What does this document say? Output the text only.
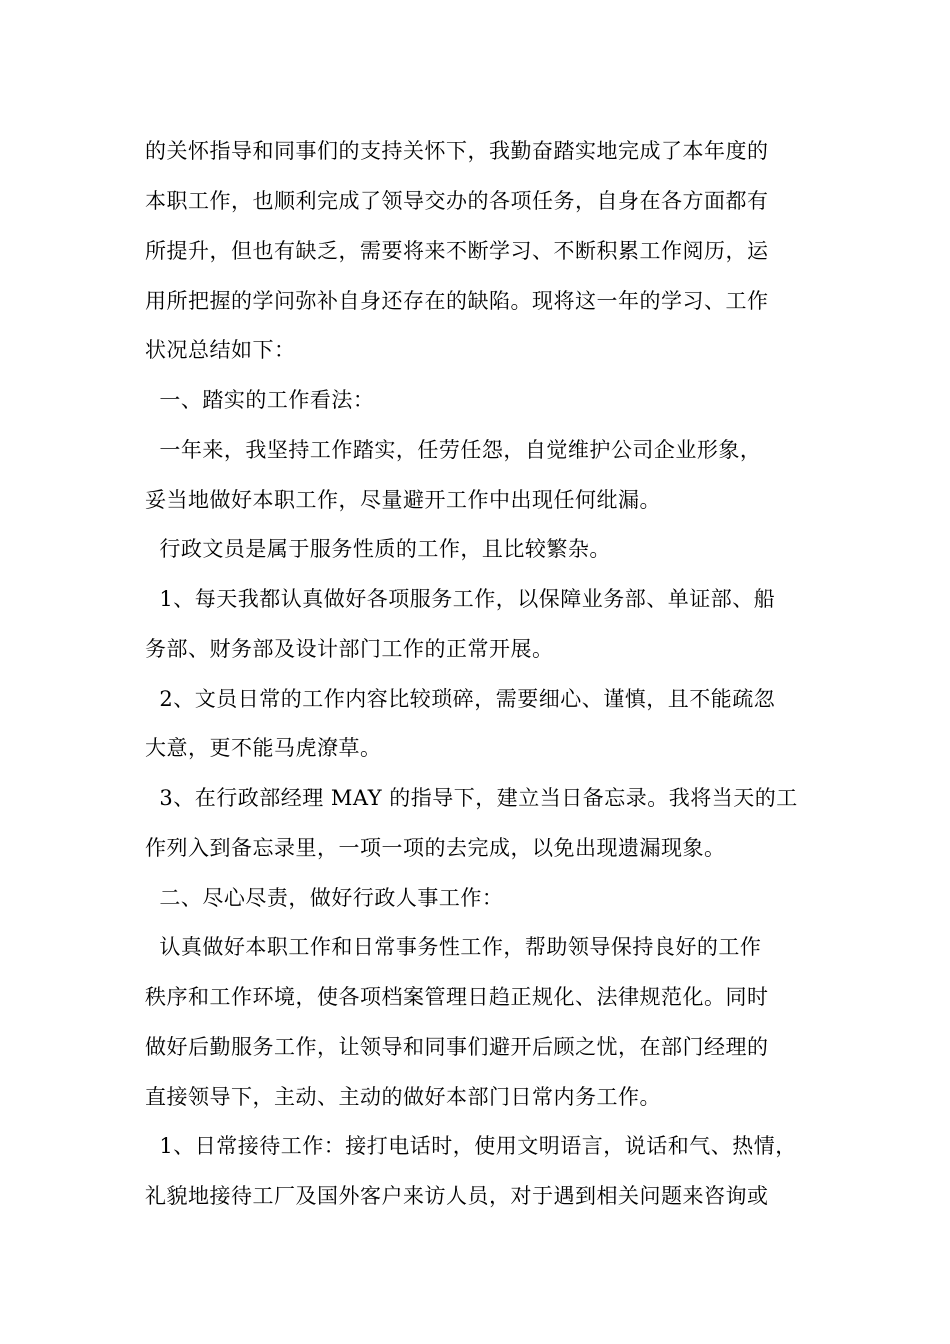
的关怀指导和同事们的支持关怀下，我勤奋踏实地完成了本年度的
本职工作，也顺利完成了领导交办的各项任务，自身在各方面都有
所提升，但也有缺乏，需要将来不断学习、不断积累工作阅历，运
用所把握的学问弥补自身还存在的缺陷。现将这一年的学习、工作
状况总结如下：
一、踏实的工作看法：
一年来，我坚持工作踏实，任劳任怨，自觉维护公司企业形象，
妥当地做好本职工作，尽量避开工作中出现任何纰漏。
行政文员是属于服务性质的工作，且比较繁杂。
1、每天我都认真做好各项服务工作，以保障业务部、单证部、船
务部、财务部及设计部门工作的正常开展。
2、文员日常的工作内容比较琐碎，需要细心、谨慎，且不能疏忽
大意，更不能马虎潦草。
3、在行政部经理 MAY 的指导下，建立当日备忘录。我将当天的工
作列入到备忘录里，一项一项的去完成，以免出现遗漏现象。
二、尽心尽责，做好行政人事工作：
认真做好本职工作和日常事务性工作，帮助领导保持良好的工作
秩序和工作环境，使各项档案管理日趋正规化、法律规范化。同时
做好后勤服务工作，让领导和同事们避开后顾之忧，在部门经理的
直接领导下，主动、主动的做好本部门日常内务工作。
1、日常接待工作：接打电话时，使用文明语言，说话和气、热情，
礼貌地接待工厂及国外客户来访人员，对于遇到相关问题来咨询或
